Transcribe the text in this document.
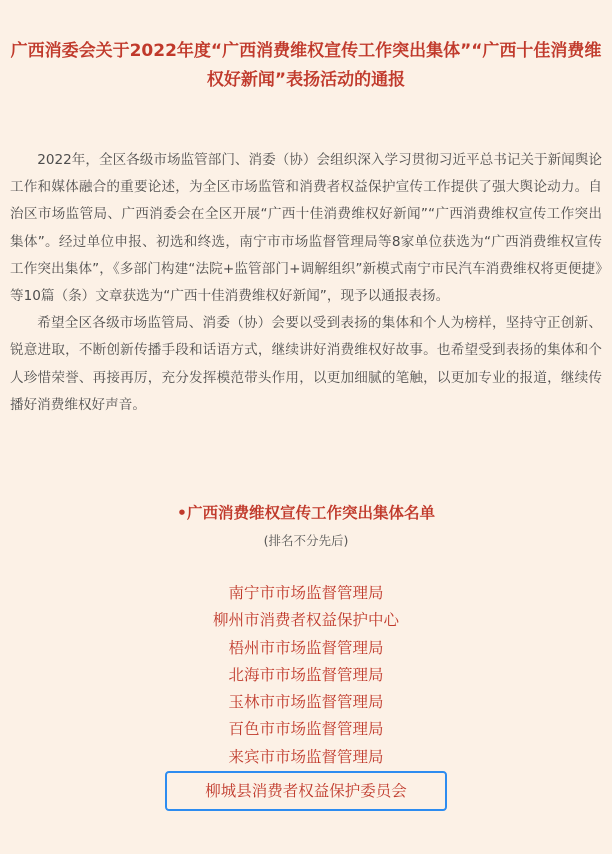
广西消委会关于2022年度“广西消费维权宣传工作突出集体”“广西十佳消费维权好新闻”表扬活动的通报

2022年，全区各级市场监管部门、消委（协）会组织深入学习贯彻习近平总书记关于新闻舆论工作和媒体融合的重要论述，为全区市场监管和消费者权益保护宣传工作提供了强大舆论动力。自治区市场监管局、广西消委会在全区开展“广西十佳消费维权好新闻”“广西消费维权宣传工作突出集体”。经过单位申报、初选和终选，南宁市市场监督管理局等8家单位获选为“广西消费维权宣传工作突出集体”，《多部门构建“法院+监管部门+调解组织”新模式南宁市民汽车消费维权将更便捷》等10篇（条）文章获选为“广西十佳消费维权好新闻”，现予以通报表扬。

希望全区各级市场监管局、消委（协）会要以受到表扬的集体和个人为榜样，坚持守正创新、锐意进取，不断创新传播手段和话语方式，继续讲好消费维权好故事。也希望受到表扬的集体和个人珍惜荣誉、再接再厉，充分发挥模范带头作用，以更加细腻的笔触，以更加专业的报道，继续传播好消费维权好声音。

•广西消费维权宣传工作突出集体名单
(排名不分先后)
南宁市市场监督管理局
柳州市消费者权益保护中心
梧州市市场监督管理局
北海市市场监督管理局
玉林市市场监督管理局
百色市市场监督管理局
来宾市市场监督管理局
柳城县消费者权益保护委员会
